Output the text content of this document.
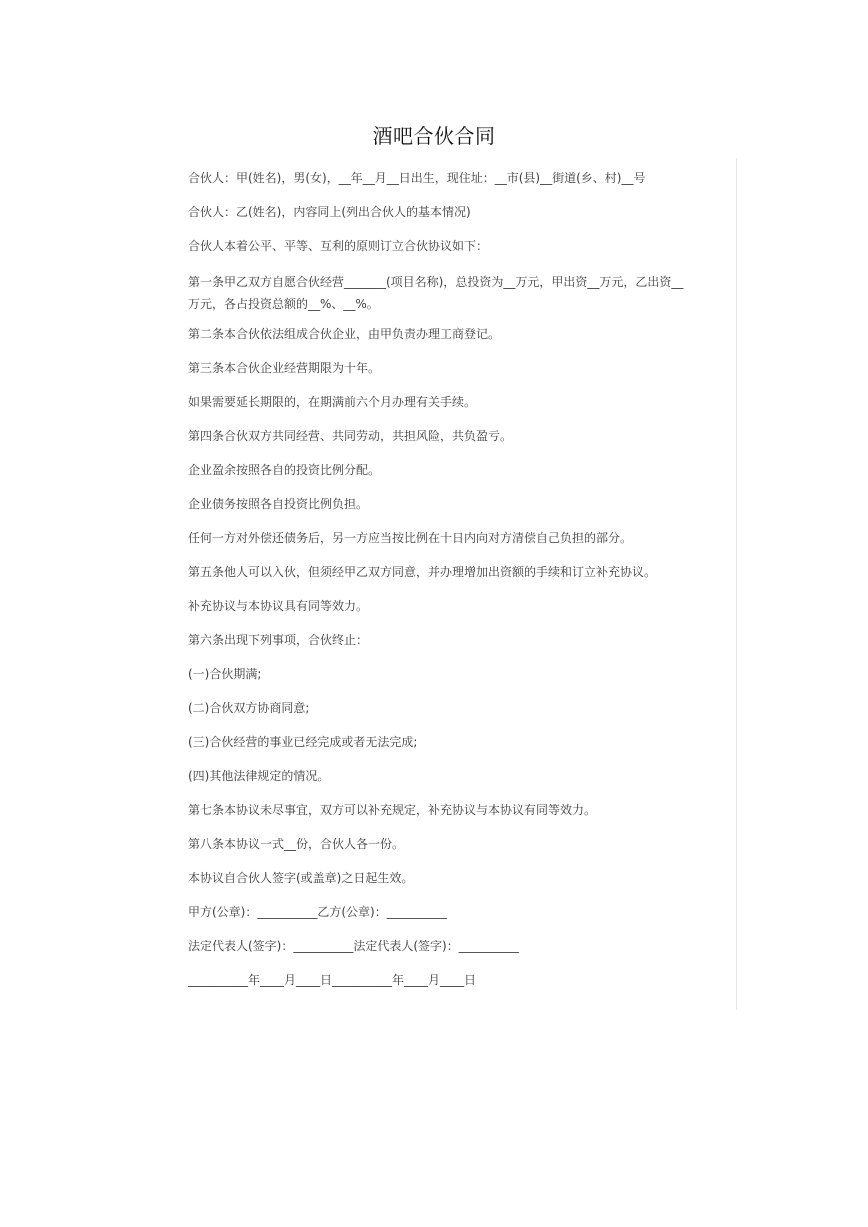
酒吧合伙合同

合伙人：甲(姓名)，男(女)，__年__月__日出生，现住址：__市(县)__街道(乡、村)__号

合伙人：乙(姓名)，内容同上(列出合伙人的基本情况)

合伙人本着公平、平等、互利的原则订立合伙协议如下：

第一条甲乙双方自愿合伙经营_______(项目名称)，总投资为__万元，甲出资__万元，乙出资__万元，各占投资总额的__%、__%。

第二条本合伙依法组成合伙企业，由甲负责办理工商登记。

第三条本合伙企业经营期限为十年。

如果需要延长期限的，在期满前六个月办理有关手续。

第四条合伙双方共同经营、共同劳动，共担风险，共负盈亏。

企业盈余按照各自的投资比例分配。

企业债务按照各自投资比例负担。

任何一方对外偿还债务后，另一方应当按比例在十日内向对方清偿自己负担的部分。

第五条他人可以入伙，但须经甲乙双方同意，并办理增加出资额的手续和订立补充协议。

补充协议与本协议具有同等效力。

第六条出现下列事项，合伙终止：

(一)合伙期满;

(二)合伙双方协商同意;

(三)合伙经营的事业已经完成或者无法完成;

(四)其他法律规定的情况。

第七条本协议未尽事宜，双方可以补充规定，补充协议与本协议有同等效力。

第八条本协议一式__份，合伙人各一份。

本协议自合伙人签字(或盖章)之日起生效。

甲方(公章)：__________乙方(公章)：__________

法定代表人(签字)：__________法定代表人(签字)：__________

__________年____月____日__________年____月____日
